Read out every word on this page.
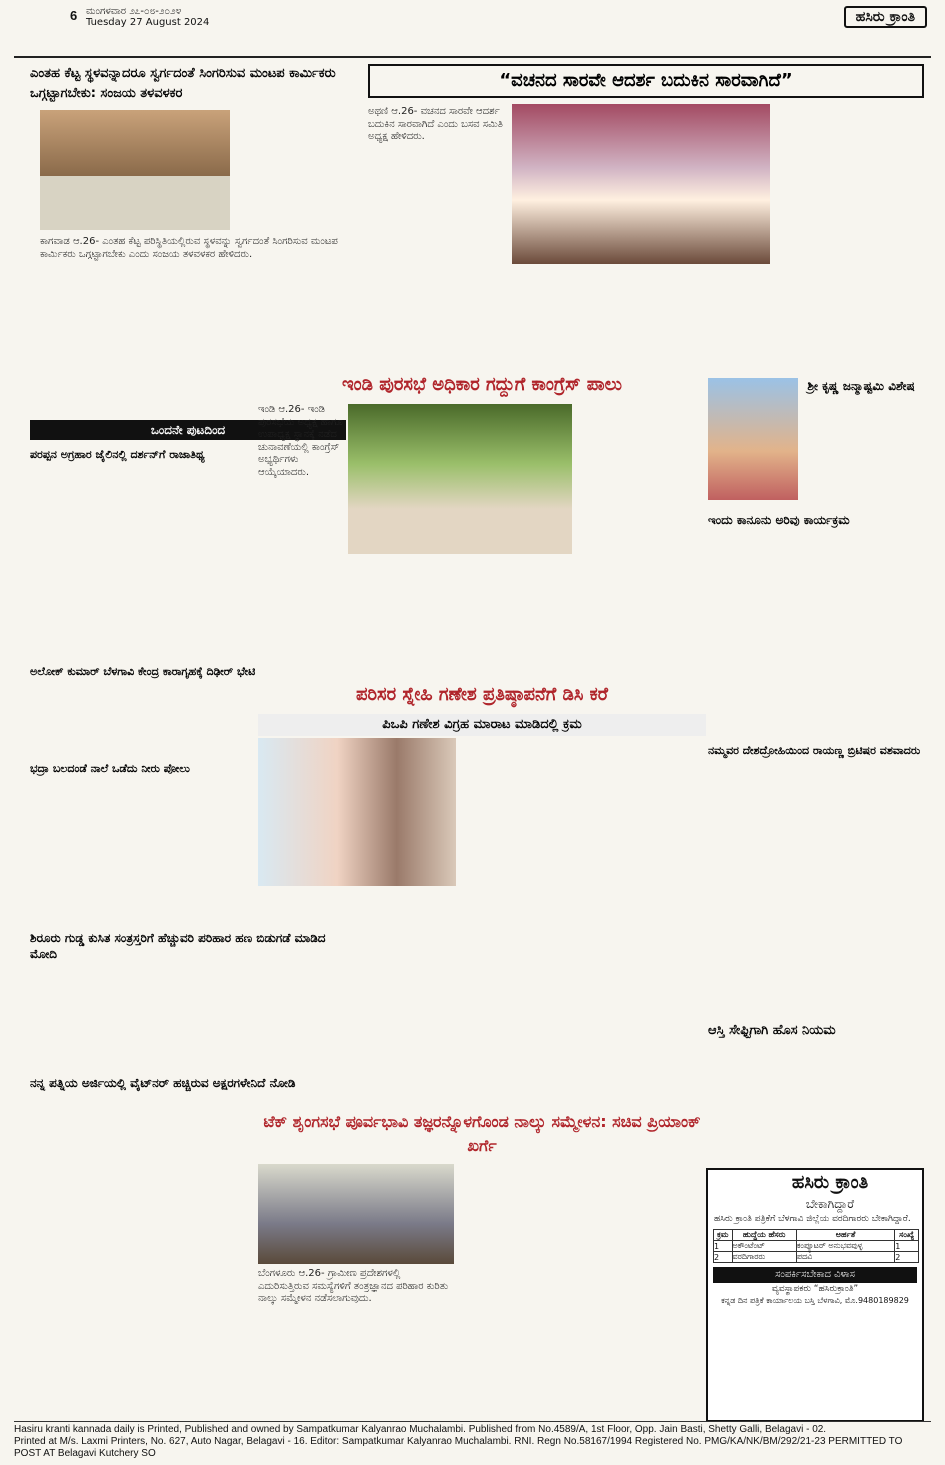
6 ಮಂಗಳವಾರ ೨೭-೦೮-೨೦೨೪
Tuesday 27 August 2024	ಹಸಿರು ಕ್ರಾಂತಿ
ಎಂತಹ ಕೆಟ್ಟ ಸ್ಥಳವನ್ನಾದರೂ ಸ್ವರ್ಗದಂತೆ ಸಿಂಗರಿಸುವ ಮಂಟಪ ಕಾರ್ಮಿಕರು ಒಗ್ಗಟ್ಟಾಗಬೇಕು: ಸಂಜಯ ತಳವಳಕರ
ಕಾಗವಾಡ ಆ.26- ಎಂತಹ ಕೆಟ್ಟ ಪರಿಸ್ಥಿತಿಯಲ್ಲಿರುವ ಸ್ಥಳವನ್ನು ಸ್ವರ್ಗದಂತೆ ಸಿಂಗರಿಸುವ ಮಂಟಪ ಕಾರ್ಮಿಕರು ಒಗ್ಗಟ್ಟಾಗಬೇಕು ಎಂದು ಸಂಜಯ ತಳವಳಕರ ಹೇಳಿದರು.
ಒಂದನೇ ಪುಟದಿಂದ
ಪರಪ್ಪನ ಅಗ್ರಹಾರ ಜೈಲಿನಲ್ಲಿ ದರ್ಶನ್‌ಗೆ ರಾಜಾತಿಥ್ಯ
ಅಲೋಕ್ ಕುಮಾರ್ ಬೆಳಗಾವಿ ಕೇಂದ್ರ ಕಾರಾಗೃಹಕ್ಕೆ ದಿಢೀರ್ ಭೇಟಿ
ಭದ್ರಾ ಬಲದಂಡೆ ನಾಲೆ ಒಡೆದು ನೀರು ಪೋಲು
ಶಿರೂರು ಗುಡ್ಡ ಕುಸಿತ ಸಂತ್ರಸ್ತರಿಗೆ ಹೆಚ್ಚುವರಿ ಪರಿಹಾರ ಹಣ ಬಿಡುಗಡೆ ಮಾಡಿದ ಮೋದಿ
ನನ್ನ ಪತ್ನಿಯ ಅರ್ಜಿಯಲ್ಲಿ ವೈಟ್‌ನರ್ ಹಚ್ಚಿರುವ ಅಕ್ಷರಗಳೇನಿದೆ ನೋಡಿ
“ವಚನದ ಸಾರವೇ ಆದರ್ಶ ಬದುಕಿನ ಸಾರವಾಗಿದೆ”
ಅಥಣಿ ಆ.26- ವಚನದ ಸಾರವೇ ಆದರ್ಶ ಬದುಕಿನ ಸಾರವಾಗಿದೆ ಎಂದು ಬಸವ ಸಮಿತಿ ಅಧ್ಯಕ್ಷ ಹೇಳಿದರು.
ಇಂಡಿ ಪುರಸಭೆ ಅಧಿಕಾರ ಗದ್ದುಗೆ ಕಾಂಗ್ರೆಸ್ ಪಾಲು
ಇಂಡಿ ಆ.26- ಇಂಡಿ ಪುರಸಭೆಯ ಅಧ್ಯಕ್ಷ ಹಾಗೂ ಉಪಾಧ್ಯಕ್ಷ ಸ್ಥಾನಕ್ಕೆ ನಡೆದ ಚುನಾವಣೆಯಲ್ಲಿ ಕಾಂಗ್ರೆಸ್ ಅಭ್ಯರ್ಥಿಗಳು ಆಯ್ಕೆಯಾದರು.
ಶ್ರೀ ಕೃಷ್ಣ ಜನ್ಮಾಷ್ಟಮಿ ವಿಶೇಷ
ಇಂದು ಕಾನೂನು ಅರಿವು ಕಾರ್ಯಕ್ರಮ
ಪರಿಸರ ಸ್ನೇಹಿ ಗಣೇಶ ಪ್ರತಿಷ್ಠಾಪನೆಗೆ ಡಿಸಿ ಕರೆ
ಪಿಒಪಿ ಗಣೇಶ ವಿಗ್ರಹ ಮಾರಾಟ ಮಾಡಿದಲ್ಲಿ ಕ್ರಮ
ನಮ್ಮವರ ದೇಶದ್ರೋಹಿಯಿಂದ ರಾಯಣ್ಣ ಬ್ರಿಟಿಷರ ವಶವಾದರು
ಆಸ್ತಿ ಸೇಫ್ಟಿಗಾಗಿ ಹೊಸ ನಿಯಮ
ಟೆಕ್ ಶೃಂಗಸಭೆ ಪೂರ್ವಭಾವಿ ತಜ್ಞರನ್ನೊಳಗೊಂಡ ನಾಲ್ಕು ಸಮ್ಮೇಳನ: ಸಚಿವ ಪ್ರಿಯಾಂಕ್ ಖರ್ಗೆ
ಬೆಂಗಳೂರು ಆ.26- ಗ್ರಾಮೀಣ ಪ್ರದೇಶಗಳಲ್ಲಿ ಎದುರಿಸುತ್ತಿರುವ ಸಮಸ್ಯೆಗಳಿಗೆ ತಂತ್ರಜ್ಞಾನದ ಪರಿಹಾರ ಕುರಿತು ನಾಲ್ಕು ಸಮ್ಮೇಳನ ನಡೆಸಲಾಗುವುದು.
ಹಸಿರು ಕ್ರಾಂತಿ
ಬೇಕಾಗಿದ್ದಾರೆ
ಹಸಿರು ಕ್ರಾಂತಿ ಪತ್ರಿಕೆಗೆ ಬೆಳಗಾವಿ ಜಿಲ್ಲೆಯ ವರದಿಗಾರರು ಬೇಕಾಗಿದ್ದಾರೆ.
ಕ್ರಮ	ಹುದ್ದೆಯ ಹೆಸರು	ಅರ್ಹತೆ	ಸಂಖ್ಯೆ
1	ಅಕೌಂಟೆಂಟ್	ಕಂಪ್ಯೂಟರ್ ಅನುಭವವುಳ್ಳ	1
2	ವರದಿಗಾರರು	ಪದವಿ	2
ಸಂಪರ್ಕಿಸಬೇಕಾದ ವಿಳಾಸ
ವ್ಯವಸ್ಥಾಪಕರು “ಹಸಿರುಕ್ರಾಂತಿ”
ಕನ್ನಡ ದಿನ ಪತ್ರಿಕೆ ಕಾರ್ಯಾಲಯ ಬಸ್ತಿ ಬೆಳಗಾವಿ, ಮೊ.9480189829
Hasiru kranti kannada daily is Printed, Published and owned by Sampatkumar Kalyanrao Muchalambi. Published from No.4589/A, 1st Floor, Opp. Jain Basti, Shetty Galli, Belagavi - 02.
Printed at M/s. Laxmi Printers, No. 627, Auto Nagar, Belagavi - 16. Editor: Sampatkumar Kalyanrao Muchalambi. RNI. Regn No.58167/1994 Registered No. PMG/KA/NK/BM/292/21-23 PERMITTED TO POST AT Belagavi Kutchery SO
